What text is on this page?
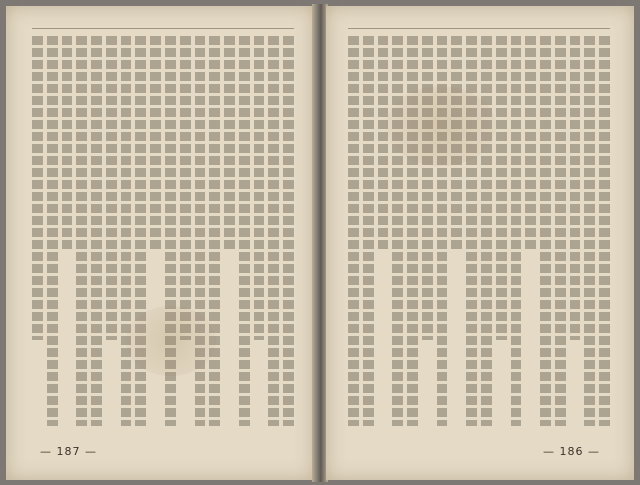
— 187 —	— 186 —
